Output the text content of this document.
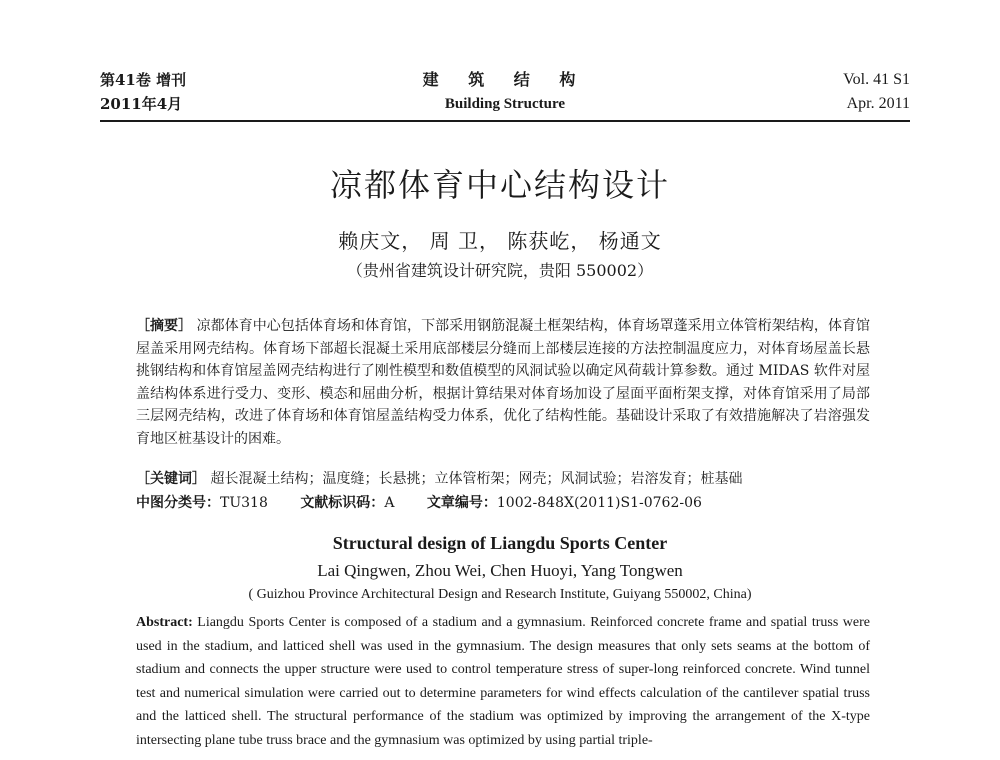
第41卷 增刊
2011年4月
建 筑 结 构
Building Structure
Vol. 41 S1
Apr. 2011
凉都体育中心结构设计
赖庆文， 周 卫， 陈获屹， 杨通文
（贵州省建筑设计研究院，贵阳 550002）
［摘要］ 凉都体育中心包括体育场和体育馆，下部采用钢筋混凝土框架结构，体育场罩蓬采用立体管桁架结构，体育馆屋盖采用网壳结构。体育场下部超长混凝土采用底部楼层分缝而上部楼层连接的方法控制温度应力，对体育场屋盖长悬挑钢结构和体育馆屋盖网壳结构进行了刚性模型和数值模型的风洞试验以确定风荷载计算参数。通过 MIDAS 软件对屋盖结构体系进行受力、变形、模态和屈曲分析，根据计算结果对体育场加设了屋面平面桁架支撑，对体育馆采用了局部三层网壳结构，改进了体育场和体育馆屋盖结构受力体系，优化了结构性能。基础设计采取了有效措施解决了岩溶强发育地区桩基设计的困难。
［关键词］ 超长混凝土结构；温度缝；长悬挑；立体管桁架；网壳；风洞试验；岩溶发育；桩基础
中图分类号：TU318 文献标识码：A 文章编号：1002-848X(2011)S1-0762-06
Structural design of Liangdu Sports Center
Lai Qingwen, Zhou Wei, Chen Huoyi, Yang Tongwen
( Guizhou Province Architectural Design and Research Institute, Guiyang 550002, China)
Abstract: Liangdu Sports Center is composed of a stadium and a gymnasium. Reinforced concrete frame and spatial truss were used in the stadium, and latticed shell was used in the gymnasium. The design measures that only sets seams at the bottom of stadium and connects the upper structure were used to control temperature stress of super-long reinforced concrete. Wind tunnel test and numerical simulation were carried out to determine parameters for wind effects calculation of the cantilever spatial truss and the latticed shell. The structural performance of the stadium was optimized by improving the arrangement of the X-type intersecting plane tube truss brace and the gymnasium was optimized by using partial triple-
